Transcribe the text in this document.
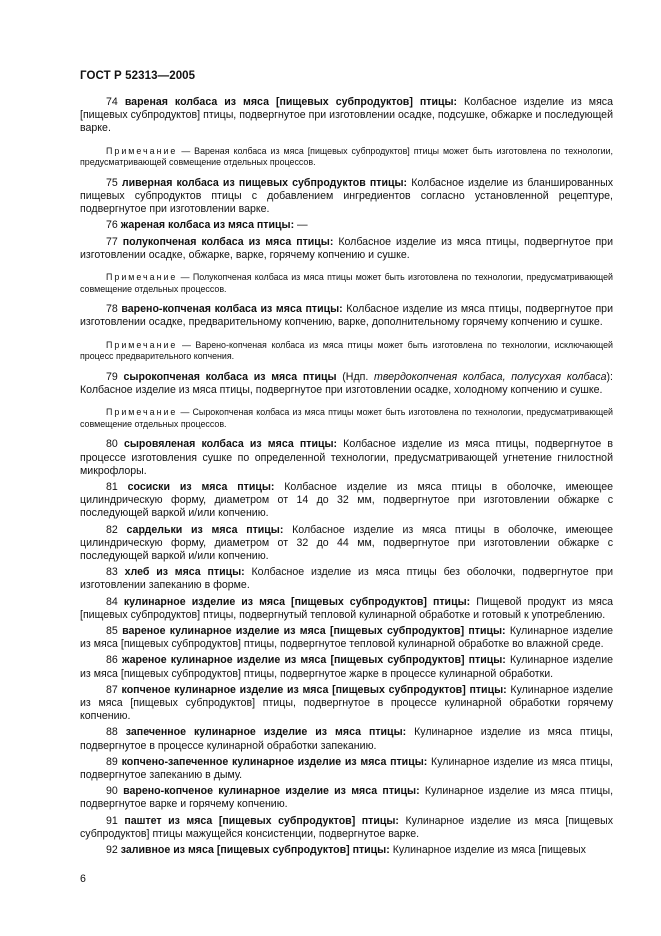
ГОСТ Р 52313—2005

74 вареная колбаса из мяса [пищевых субпродуктов] птицы: Колбасное изделие из мяса [пищевых субпродуктов] птицы, подвергнутое при изготовлении осадке, подсушке, обжарке и последующей варке.

Примечание — Вареная колбаса из мяса [пищевых субпродуктов] птицы может быть изготовлена по технологии, предусматривающей совмещение отдельных процессов.

75 ливерная колбаса из пищевых субпродуктов птицы: Колбасное изделие из бланшированных пищевых субпродуктов птицы с добавлением ингредиентов согласно установленной рецептуре, подвергнутое при изготовлении варке.

76 жареная колбаса из мяса птицы: —

77 полукопченая колбаса из мяса птицы: Колбасное изделие из мяса птицы, подвергнутое при изготовлении осадке, обжарке, варке, горячему копчению и сушке.

Примечание — Полукопченая колбаса из мяса птицы может быть изготовлена по технологии, предусматривающей совмещение отдельных процессов.

78 варено-копченая колбаса из мяса птицы: Колбасное изделие из мяса птицы, подвергнутое при изготовлении осадке, предварительному копчению, варке, дополнительному горячему копчению и сушке.

Примечание — Варено-копченая колбаса из мяса птицы может быть изготовлена по технологии, исключающей процесс предварительного копчения.

79 сырокопченая колбаса из мяса птицы (Ндп. твердокопченая колбаса, полусухая колбаса): Колбасное изделие из мяса птицы, подвергнутое при изготовлении осадке, холодному копчению и сушке.

Примечание — Сырокопченая колбаса из мяса птицы может быть изготовлена по технологии, предусматривающей совмещение отдельных процессов.

80 сыровяленая колбаса из мяса птицы: Колбасное изделие из мяса птицы, подвергнутое в процессе изготовления сушке по определенной технологии, предусматривающей угнетение гнилостной микрофлоры.

81 сосиски из мяса птицы: Колбасное изделие из мяса птицы в оболочке, имеющее цилиндрическую форму, диаметром от 14 до 32 мм, подвергнутое при изготовлении обжарке с последующей варкой и/или копчению.

82 сардельки из мяса птицы: Колбасное изделие из мяса птицы в оболочке, имеющее цилиндрическую форму, диаметром от 32 до 44 мм, подвергнутое при изготовлении обжарке с последующей варкой и/или копчению.

83 хлеб из мяса птицы: Колбасное изделие из мяса птицы без оболочки, подвергнутое при изготовлении запеканию в форме.

84 кулинарное изделие из мяса [пищевых субпродуктов] птицы: Пищевой продукт из мяса [пищевых субпродуктов] птицы, подвергнутый тепловой кулинарной обработке и готовый к употреблению.

85 вареное кулинарное изделие из мяса [пищевых субпродуктов] птицы: Кулинарное изделие из мяса [пищевых субпродуктов] птицы, подвергнутое тепловой кулинарной обработке во влажной среде.

86 жареное кулинарное изделие из мяса [пищевых субпродуктов] птицы: Кулинарное изделие из мяса [пищевых субпродуктов] птицы, подвергнутое жарке в процессе кулинарной обработки.

87 копченое кулинарное изделие из мяса [пищевых субпродуктов] птицы: Кулинарное изделие из мяса [пищевых субпродуктов] птицы, подвергнутое в процессе кулинарной обработки горячему копчению.

88 запеченное кулинарное изделие из мяса птицы: Кулинарное изделие из мяса птицы, подвергнутое в процессе кулинарной обработки запеканию.

89 копчено-запеченное кулинарное изделие из мяса птицы: Кулинарное изделие из мяса птицы, подвергнутое запеканию в дыму.

90 варено-копченое кулинарное изделие из мяса птицы: Кулинарное изделие из мяса птицы, подвергнутое варке и горячему копчению.

91 паштет из мяса [пищевых субпродуктов] птицы: Кулинарное изделие из мяса [пищевых субпродуктов] птицы мажущейся консистенции, подвергнутое варке.

92 заливное из мяса [пищевых субпродуктов] птицы: Кулинарное изделие из мяса [пищевых

6
